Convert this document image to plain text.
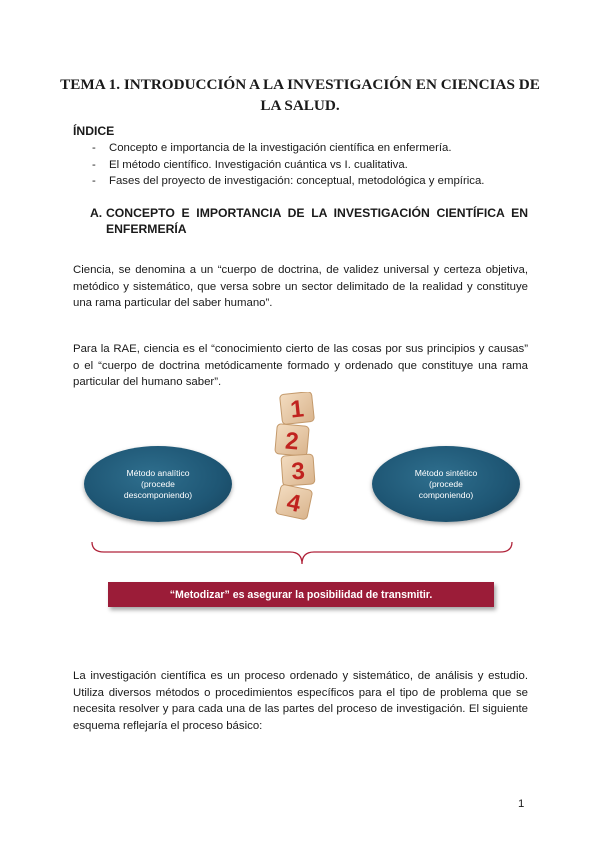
TEMA 1. INTRODUCCIÓN A LA INVESTIGACIÓN EN CIENCIAS DE LA SALUD.
ÍNDICE
- Concepto e importancia de la investigación científica en enfermería.
- El método científico. Investigación cuántica vs I. cualitativa.
- Fases del proyecto de investigación: conceptual, metodológica y empírica.
A. CONCEPTO E IMPORTANCIA DE LA INVESTIGACIÓN CIENTÍFICA EN ENFERMERÍA

Ciencia, se denomina a un “cuerpo de doctrina, de validez universal y certeza objetiva, metódico y sistemático, que versa sobre un sector delimitado de la realidad y constituye una rama particular del saber humano”.

Para la RAE, ciencia es el “conocimiento cierto de las cosas por sus principios y causas” o el “cuerpo de doctrina metódicamente formado y ordenado que constituye una rama particular del humano saber”.

Método analítico
(procede
descomponiendo)
1
2
3
4
Método sintético
(procede
componiendo)
“Metodizar” es asegurar la posibilidad de transmitir.

La investigación científica es un proceso ordenado y sistemático, de análisis y estudio. Utiliza diversos métodos o procedimientos específicos para el tipo de problema que se necesita resolver y para cada una de las partes del proceso de investigación. El siguiente esquema reflejaría el proceso básico:

1
